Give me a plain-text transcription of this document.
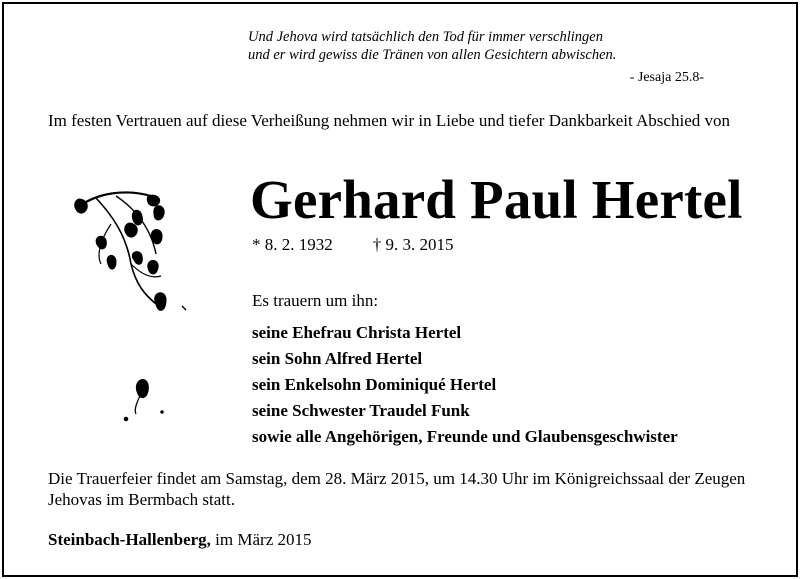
Und Jehova wird tatsächlich den Tod für immer verschlingen
und er wird gewiss die Tränen von allen Gesichtern abwischen.
- Jesaja 25.8-
Im festen Vertrauen auf diese Verheißung nehmen wir in Liebe und tiefer Dankbarkeit Abschied von
Gerhard Paul Hertel
* 8. 2. 1932 † 9. 3. 2015
Es trauern um ihn:
seine Ehefrau Christa Hertel
sein Sohn Alfred Hertel
sein Enkelsohn Dominiqué Hertel
seine Schwester Traudel Funk
sowie alle Angehörigen, Freunde und Glaubensgeschwister
Die Trauerfeier findet am Samstag, dem 28. März 2015, um 14.30 Uhr im Königreichssaal der Zeugen Jehovas im Bermbach statt.
Steinbach-Hallenberg, im März 2015
